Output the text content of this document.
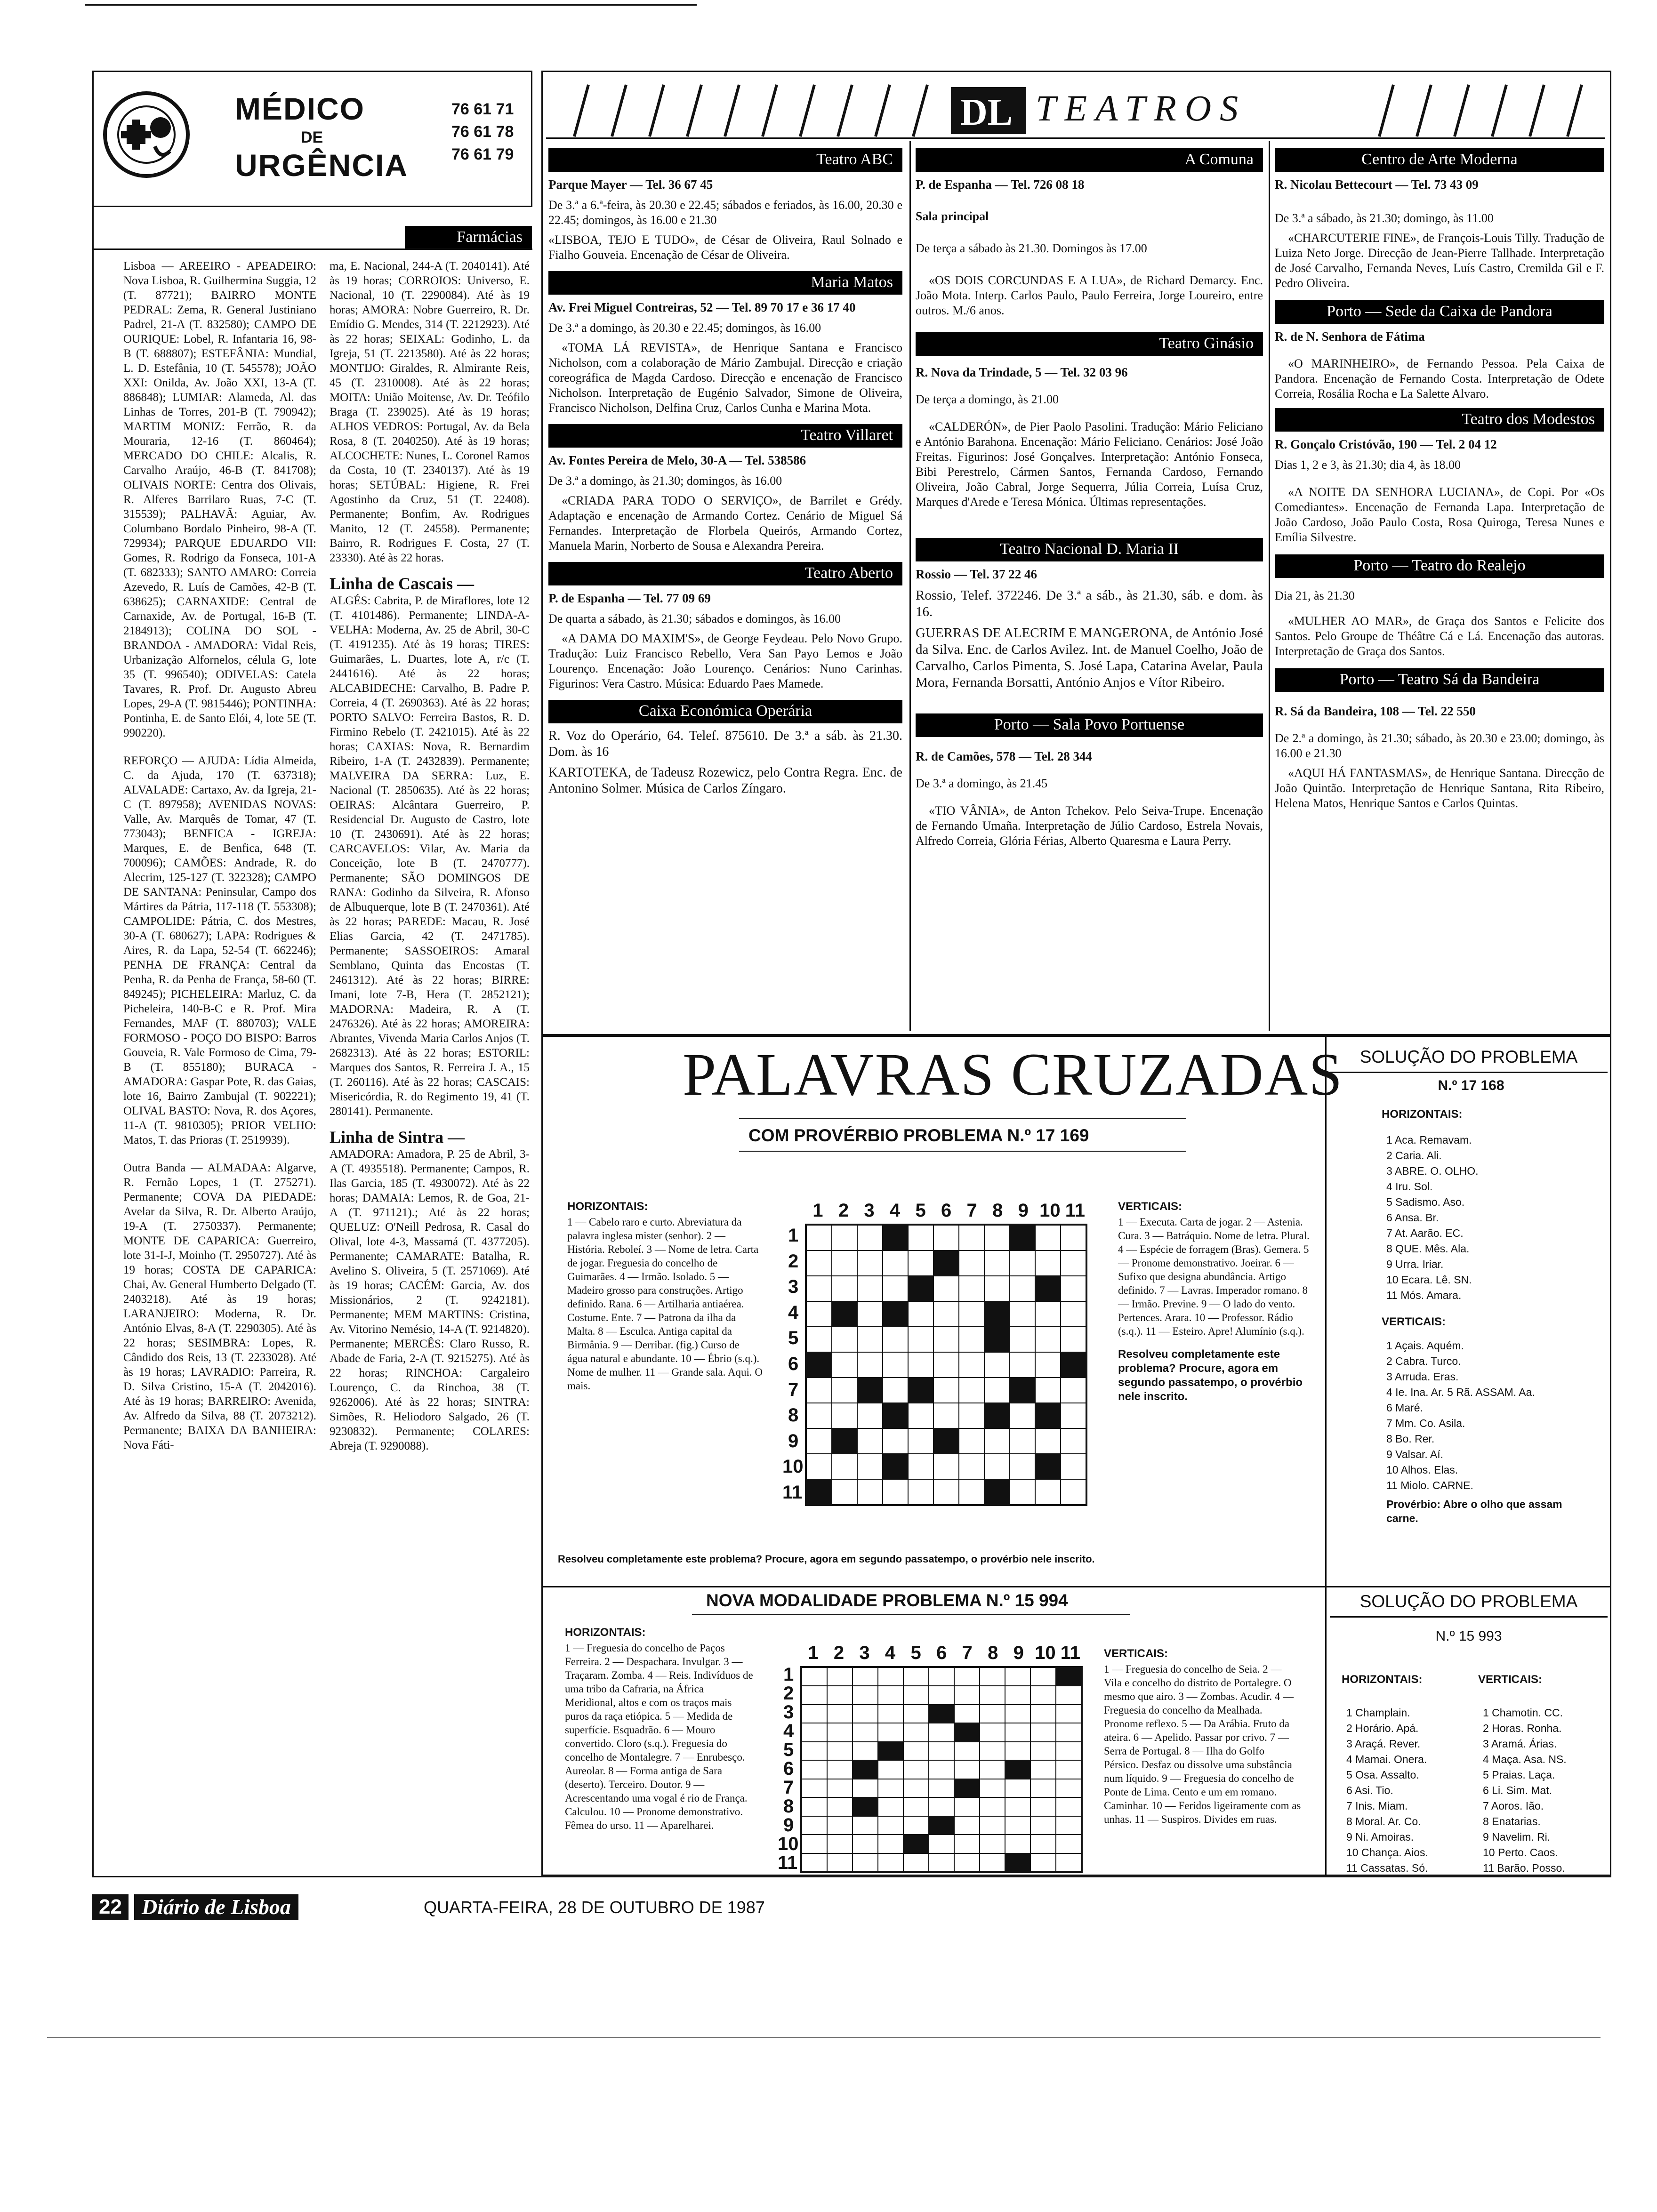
MÉDICO
DE
URGÊNCIA
76 61 71
76 61 78
76 61 79
Farmácias

Lisboa — AREEIRO - APEADEIRO: Nova Lisboa, R. Guilhermina Suggia, 12 (T. 87721); BAIRRO MONTE PEDRAL: Zema, R. General Justiniano Padrel, 21-A (T. 832580); CAMPO DE OURIQUE: Lobel, R. Infantaria 16, 98-B (T. 688807); ESTEFÂNIA: Mundial, L. D. Estefânia, 10 (T. 545578); JOÃO XXI: Onilda, Av. João XXI, 13-A (T. 886848); LUMIAR: Alameda, Al. das Linhas de Torres, 201-B (T. 790942); MARTIM MONIZ: Ferrão, R. da Mouraria, 12-16 (T. 860464); MERCADO DO CHILE: Alcalis, R. Carvalho Araújo, 46-B (T. 841708); OLIVAIS NORTE: Centra dos Olivais, R. Alferes Barrilaro Ruas, 7-C (T. 315539); PALHAVÃ: Aguiar, Av. Columbano Bordalo Pinheiro, 98-A (T. 729934); PARQUE EDUARDO VII: Gomes, R. Rodrigo da Fonseca, 101-A (T. 682333); SANTO AMARO: Correia Azevedo, R. Luís de Camões, 42-B (T. 638625); CARNAXIDE: Central de Carnaxide, Av. de Portugal, 16-B (T. 2184913); COLINA DO SOL - BRANDOA - AMADORA: Vidal Reis, Urbanização Alfornelos, célula G, lote 35 (T. 996540); ODIVELAS: Catela Tavares, R. Prof. Dr. Augusto Abreu Lopes, 29-A (T. 9815446); PONTINHA: Pontinha, E. de Santo Elói, 4, lote 5E (T. 990220).

REFORÇO — AJUDA: Lídia Almeida, C. da Ajuda, 170 (T. 637318); ALVALADE: Cartaxo, Av. da Igreja, 21-C (T. 897958); AVENIDAS NOVAS: Valle, Av. Marquês de Tomar, 47 (T. 773043); BENFICA - IGREJA: Marques, E. de Benfica, 648 (T. 700096); CAMÕES: Andrade, R. do Alecrim, 125-127 (T. 322328); CAMPO DE SANTANA: Peninsular, Campo dos Mártires da Pátria, 117-118 (T. 553308); CAMPOLIDE: Pátria, C. dos Mestres, 30-A (T. 680627); LAPA: Rodrigues & Aires, R. da Lapa, 52-54 (T. 662246); PENHA DE FRANÇA: Central da Penha, R. da Penha de França, 58-60 (T. 849245); PICHELEIRA: Marluz, C. da Picheleira, 140-B-C e R. Prof. Mira Fernandes, MAF (T. 880703); VALE FORMOSO - POÇO DO BISPO: Barros Gouveia, R. Vale Formoso de Cima, 79-B (T. 855180); BURACA - AMADORA: Gaspar Pote, R. das Gaias, lote 16, Bairro Zambujal (T. 902221); OLIVAL BASTO: Nova, R. dos Açores, 11-A (T. 9810305); PRIOR VELHO: Matos, T. das Prioras (T. 2519939).

Outra Banda — ALMADAA: Algarve, R. Fernão Lopes, 1 (T. 275271). Permanente; COVA DA PIEDADE: Avelar da Silva, R. Dr. Alberto Araújo, 19-A (T. 2750337). Permanente; MONTE DE CAPARICA: Guerreiro, lote 31-I-J, Moinho (T. 2950727). Até às 19 horas; COSTA DE CAPARICA: Chai, Av. General Humberto Delgado (T. 2403218). Até às 19 horas; LARANJEIRO: Moderna, R. Dr. António Elvas, 8-A (T. 2290305). Até às 22 horas; SESIMBRA: Lopes, R. Cândido dos Reis, 13 (T. 2233028). Até às 19 horas; LAVRADIO: Parreira, R. D. Silva Cristino, 15-A (T. 2042016). Até às 19 horas; BARREIRO: Avenida, Av. Alfredo da Silva, 88 (T. 2073212). Permanente; BAIXA DA BANHEIRA: Nova Fáti-

ma, E. Nacional, 244-A (T. 2040141). Até às 19 horas; CORROIOS: Universo, E. Nacional, 10 (T. 2290084). Até às 19 horas; AMORA: Nobre Guerreiro, R. Dr. Emídio G. Mendes, 314 (T. 2212923). Até às 22 horas; SEIXAL: Godinho, L. da Igreja, 51 (T. 2213580). Até às 22 horas; MONTIJO: Giraldes, R. Almirante Reis, 45 (T. 2310008). Até às 22 horas; MOITA: União Moitense, Av. Dr. Teófilo Braga (T. 239025). Até às 19 horas; ALHOS VEDROS: Portugal, Av. da Bela Rosa, 8 (T. 2040250). Até às 19 horas; ALCOCHETE: Nunes, L. Coronel Ramos da Costa, 10 (T. 2340137). Até às 19 horas; SETÚBAL: Higiene, R. Frei Agostinho da Cruz, 51 (T. 22408). Permanente; Bonfim, Av. Rodrigues Manito, 12 (T. 24558). Permanente; Bairro, R. Rodrigues F. Costa, 27 (T. 23330). Até às 22 horas.

Linha de Cascais —

ALGÉS: Cabrita, P. de Miraflores, lote 12 (T. 4101486). Permanente; LINDA-A-VELHA: Moderna, Av. 25 de Abril, 30-C (T. 4191235). Até às 19 horas; TIRES: Guimarães, L. Duartes, lote A, r/c (T. 2441616). Até às 22 horas; ALCABIDECHE: Carvalho, B. Padre P. Correia, 4 (T. 2690363). Até às 22 horas; PORTO SALVO: Ferreira Bastos, R. D. Firmino Rebelo (T. 2421015). Até às 22 horas; CAXIAS: Nova, R. Bernardim Ribeiro, 1-A (T. 2432839). Permanente; MALVEIRA DA SERRA: Luz, E. Nacional (T. 2850635). Até às 22 horas; OEIRAS: Alcântara Guerreiro, P. Residencial Dr. Augusto de Castro, lote 10 (T. 2430691). Até às 22 horas; CARCAVELOS: Vilar, Av. Maria da Conceição, lote B (T. 2470777). Permanente; SÃO DOMINGOS DE RANA: Godinho da Silveira, R. Afonso de Albuquerque, lote B (T. 2470361). Até às 22 horas; PAREDE: Macau, R. José Elias Garcia, 42 (T. 2471785). Permanente; SASSOEIROS: Amaral Semblano, Quinta das Encostas (T. 2461312). Até às 22 horas; BIRRE: Imani, lote 7-B, Hera (T. 2852121); MADORNA: Madeira, R. A (T. 2476326). Até às 22 horas; AMOREIRA: Abrantes, Vivenda Maria Carlos Anjos (T. 2682313). Até às 22 horas; ESTORIL: Marques dos Santos, R. Ferreira J. A., 15 (T. 260116). Até às 22 horas; CASCAIS: Misericórdia, R. do Regimento 19, 41 (T. 280141). Permanente.

Linha de Sintra —

AMADORA: Amadora, P. 25 de Abril, 3-A (T. 4935518). Permanente; Campos, R. Ilas Garcia, 185 (T. 4930072). Até às 22 horas; DAMAIA: Lemos, R. de Goa, 21-A (T. 971121).; Até às 22 horas; QUELUZ: O'Neill Pedrosa, R. Casal do Olival, lote 4-3, Massamá (T. 4377205). Permanente; CAMARATE: Batalha, R. Avelino S. Oliveira, 5 (T. 2571069). Até às 19 horas; CACÉM: Garcia, Av. dos Missionários, 2 (T. 9242181). Permanente; MEM MARTINS: Cristina, Av. Vitorino Nemésio, 14-A (T. 9214820). Permanente; MERCÊS: Claro Russo, R. Abade de Faria, 2-A (T. 9215275). Até às 22 horas; RINCHOA: Cargaleiro Lourenço, C. da Rinchoa, 38 (T. 9262006). Até às 22 horas; SINTRA: Simões, R. Heliodoro Salgado, 26 (T. 9230832). Permanente; COLARES: Abreja (T. 9290088).

DL TEATROS
Teatro ABC
Parque Mayer — Tel. 36 67 45
De 3.ª a 6.ª-feira, às 20.30 e 22.45; sábados e feriados, às 16.00, 20.30 e 22.45; domingos, às 16.00 e 21.30
«LISBOA, TEJO E TUDO», de César de Oliveira, Raul Solnado e Fialho Gouveia. Encenação de César de Oliveira.
Maria Matos
Av. Frei Miguel Contreiras, 52 — Tel. 89 70 17 e 36 17 40
De 3.ª a domingo, às 20.30 e 22.45; domingos, às 16.00
«TOMA LÁ REVISTA», de Henrique Santana e Francisco Nicholson, com a colaboração de Mário Zambujal. Direcção e criação coreográfica de Magda Cardoso. Direcção e encenação de Francisco Nicholson. Interpretação de Eugénio Salvador, Simone de Oliveira, Francisco Nicholson, Delfina Cruz, Carlos Cunha e Marina Mota.
Teatro Villaret
Av. Fontes Pereira de Melo, 30-A — Tel. 538586
De 3.ª a domingo, às 21.30; domingos, às 16.00
«CRIADA PARA TODO O SERVIÇO», de Barrilet e Grédy. Adaptação e encenação de Armando Cortez. Cenário de Miguel Sá Fernandes. Interpretação de Florbela Queirós, Armando Cortez, Manuela Marin, Norberto de Sousa e Alexandra Pereira.
Teatro Aberto
P. de Espanha — Tel. 77 09 69
De quarta a sábado, às 21.30; sábados e domingos, às 16.00
«A DAMA DO MAXIM'S», de George Feydeau. Pelo Novo Grupo. Tradução: Luiz Francisco Rebello, Vera San Payo Lemos e João Lourenço. Encenação: João Lourenço. Cenários: Nuno Carinhas. Figurinos: Vera Castro. Música: Eduardo Paes Mamede.
Caixa Económica Operária
R. Voz do Operário, 64. Telef. 875610. De 3.ª a sáb. às 21.30. Dom. às 16
KARTOTEKA, de Tadeusz Rozewicz, pelo Contra Regra. Enc. de Antonino Solmer. Música de Carlos Zíngaro.
A Comuna
P. de Espanha — Tel. 726 08 18
Sala principal
De terça a sábado às 21.30. Domingos às 17.00
«OS DOIS CORCUNDAS E A LUA», de Richard Demarcy. Enc. João Mota. Interp. Carlos Paulo, Paulo Ferreira, Jorge Loureiro, entre outros. M./6 anos.
Teatro Ginásio
R. Nova da Trindade, 5 — Tel. 32 03 96
De terça a domingo, às 21.00
«CALDERÓN», de Pier Paolo Pasolini. Tradução: Mário Feliciano e António Barahona. Encenação: Mário Feliciano. Cenários: José João Freitas. Figurinos: José Gonçalves. Interpretação: António Fonseca, Bibi Perestrelo, Cármen Santos, Fernanda Cardoso, Fernando Oliveira, João Cabral, Jorge Sequerra, Júlia Correia, Luísa Cruz, Marques d'Arede e Teresa Mónica. Últimas representações.
Teatro Nacional D. Maria II
Rossio — Tel. 37 22 46
Rossio, Telef. 372246. De 3.ª a sáb., às 21.30, sáb. e dom. às 16.
GUERRAS DE ALECRIM E MANGERONA, de António José da Silva. Enc. de Carlos Avilez. Int. de Manuel Coelho, João de Carvalho, Carlos Pimenta, S. José Lapa, Catarina Avelar, Paula Mora, Fernanda Borsatti, António Anjos e Vítor Ribeiro.
Porto — Sala Povo Portuense
R. de Camões, 578 — Tel. 28 344
De 3.ª a domingo, às 21.45
«TIO VÂNIA», de Anton Tchekov. Pelo Seiva-Trupe. Encenação de Fernando Umaña. Interpretação de Júlio Cardoso, Estrela Novais, Alfredo Correia, Glória Férias, Alberto Quaresma e Laura Perry.
Centro de Arte Moderna
R. Nicolau Bettecourt — Tel. 73 43 09
De 3.ª a sábado, às 21.30; domingo, às 11.00
«CHARCUTERIE FINE», de François-Louis Tilly. Tradução de Luiza Neto Jorge. Direcção de Jean-Pierre Tallhade. Interpretação de José Carvalho, Fernanda Neves, Luís Castro, Cremilda Gil e F. Pedro Oliveira.
Porto — Sede da Caixa de Pandora
R. de N. Senhora de Fátima
«O MARINHEIRO», de Fernando Pessoa. Pela Caixa de Pandora. Encenação de Fernando Costa. Interpretação de Odete Correia, Rosália Rocha e La Salette Alvaro.
Teatro dos Modestos
R. Gonçalo Cristóvão, 190 — Tel. 2 04 12
Dias 1, 2 e 3, às 21.30; dia 4, às 18.00
«A NOITE DA SENHORA LUCIANA», de Copi. Por «Os Comediantes». Encenação de Fernanda Lapa. Interpretação de João Cardoso, João Paulo Costa, Rosa Quiroga, Teresa Nunes e Emília Silvestre.
Porto — Teatro do Realejo
Dia 21, às 21.30
«MULHER AO MAR», de Graça dos Santos e Felicite dos Santos. Pelo Groupe de Théâtre Cá e Lá. Encenação das autoras. Interpretação de Graça dos Santos.
Porto — Teatro Sá da Bandeira
R. Sá da Bandeira, 108 — Tel. 22 550
De 2.ª a domingo, às 21.30; sábado, às 20.30 e 23.00; domingo, às 16.00 e 21.30
«AQUI HÁ FANTASMAS», de Henrique Santana. Direcção de João Quintão. Interpretação de Henrique Santana, Rita Ribeiro, Helena Matos, Henrique Santos e Carlos Quintas.
PALAVRAS CRUZADAS
COM PROVÉRBIO PROBLEMA N.º 17 169
HORIZONTAIS:
1 — Cabelo raro e curto. Abreviatura da palavra inglesa mister (senhor). 2 — História. Reboleí. 3 — Nome de letra. Carta de jogar. Freguesia do concelho de Guimarães. 4 — Irmão. Isolado. 5 — Madeiro grosso para construções. Artigo definido. Rana. 6 — Artilharia antiaérea. Costume. Ente. 7 — Patrona da ilha da Malta. 8 — Esculca. Antiga capital da Birmânia. 9 — Derribar. (fig.) Curso de água natural e abundante. 10 — Ébrio (s.q.). Nome de mulher. 11 — Grande sala. Aqui. O mais.
1 2 3 4 5 6 7 8 9 10 11
1
2
3
4
5
6
7
8
9
10
11
VERTICAIS:
1 — Executa. Carta de jogar. 2 — Astenia. Cura. 3 — Batráquio. Nome de letra. Plural. 4 — Espécie de forragem (Bras). Gemera. 5 — Pronome demonstrativo. Joeirar. 6 — Sufixo que designa abundância. Artigo definido. 7 — Lavras. Imperador romano. 8 — Irmão. Previne. 9 — O lado do vento. Pertences. Arara. 10 — Professor. Rádio (s.q.). 11 — Esteiro. Apre! Alumínio (s.q.).
Resolveu completamente este problema? Procure, agora em segundo passatempo, o provérbio nele inscrito.
Resolveu completamente este problema? Procure, agora em segundo passatempo, o provérbio nele inscrito.
SOLUÇÃO DO PROBLEMA
N.º 17 168
HORIZONTAIS:
1 Aca. Remavam.
2 Caria. Ali.
3 ABRE. O. OLHO.
4 Iru. Sol.
5 Sadismo. Aso.
6 Ansa. Br.
7 At. Aarão. EC.
8 QUE. Mês. Ala.
9 Urra. Iriar.
10 Ecara. Lê. SN.
11 Mós. Amara.
VERTICAIS:
1 Açais. Aquém.
2 Cabra. Turco.
3 Arruda. Eras.
4 Ie. Ina. Ar. 5 Rã. ASSAM. Aa.
6 Maré.
7 Mm. Co. Asila.
8 Bo. Rer.
9 Valsar. Aí.
10 Alhos. Elas.
11 Miolo. CARNE.
Provérbio: Abre o olho que assam carne.
NOVA MODALIDADE PROBLEMA N.º 15 994
HORIZONTAIS:
1 — Freguesia do concelho de Paços Ferreira. 2 — Despachara. Invulgar. 3 — Traçaram. Zomba. 4 — Reis. Indivíduos de uma tribo da Cafraria, na África Meridional, altos e com os traços mais puros da raça etiópica. 5 — Medida de superfície. Esquadrão. 6 — Mouro convertido. Cloro (s.q.). Freguesia do concelho de Montalegre. 7 — Enrubesço. Aureolar. 8 — Forma antiga de Sara (deserto). Terceiro. Doutor. 9 — Acrescentando uma vogal é rio de França. Calculou. 10 — Pronome demonstrativo. Fêmea do urso. 11 — Aparelharei.
1 2 3 4 5 6 7 8 9 10 11
1
2
3
4
5
6
7
8
9
10
11
VERTICAIS:
1 — Freguesia do concelho de Seia. 2 — Vila e concelho do distrito de Portalegre. O mesmo que airo. 3 — Zombas. Acudir. 4 — Freguesia do concelho da Mealhada. Pronome reflexo. 5 — Da Arábia. Fruto da ateira. 6 — Apelido. Passar por crivo. 7 — Serra de Portugal. 8 — Ilha do Golfo Pérsico. Desfaz ou dissolve uma substância num líquido. 9 — Freguesia do concelho de Ponte de Lima. Cento e um em romano. Caminhar. 10 — Feridos ligeiramente com as unhas. 11 — Suspiros. Divides em ruas.
SOLUÇÃO DO PROBLEMA
N.º 15 993
HORIZONTAIS:
1 Champlain.
2 Horário. Apá.
3 Araçá. Rever.
4 Mamai. Onera.
5 Osa. Assalto.
6 Asi. Tio.
7 Inis. Miam.
8 Moral. Ar. Co.
9 Ni. Amoiras.
10 Chança. Aios.
11 Cassatas. Só.
VERTICAIS:
1 Chamotin. CC.
2 Horas. Ronha.
3 Aramá. Árias.
4 Maça. Asa. NS.
5 Praias. Laça.
6 Li. Sim. Mat.
7 Aoros. Ião.
8 Enatarias.
9 Navelim. Ri.
10 Perto. Caos.
11 Barão. Posso.
22 Diário de Lisboa	QUARTA-FEIRA, 28 DE OUTUBRO DE 1987
